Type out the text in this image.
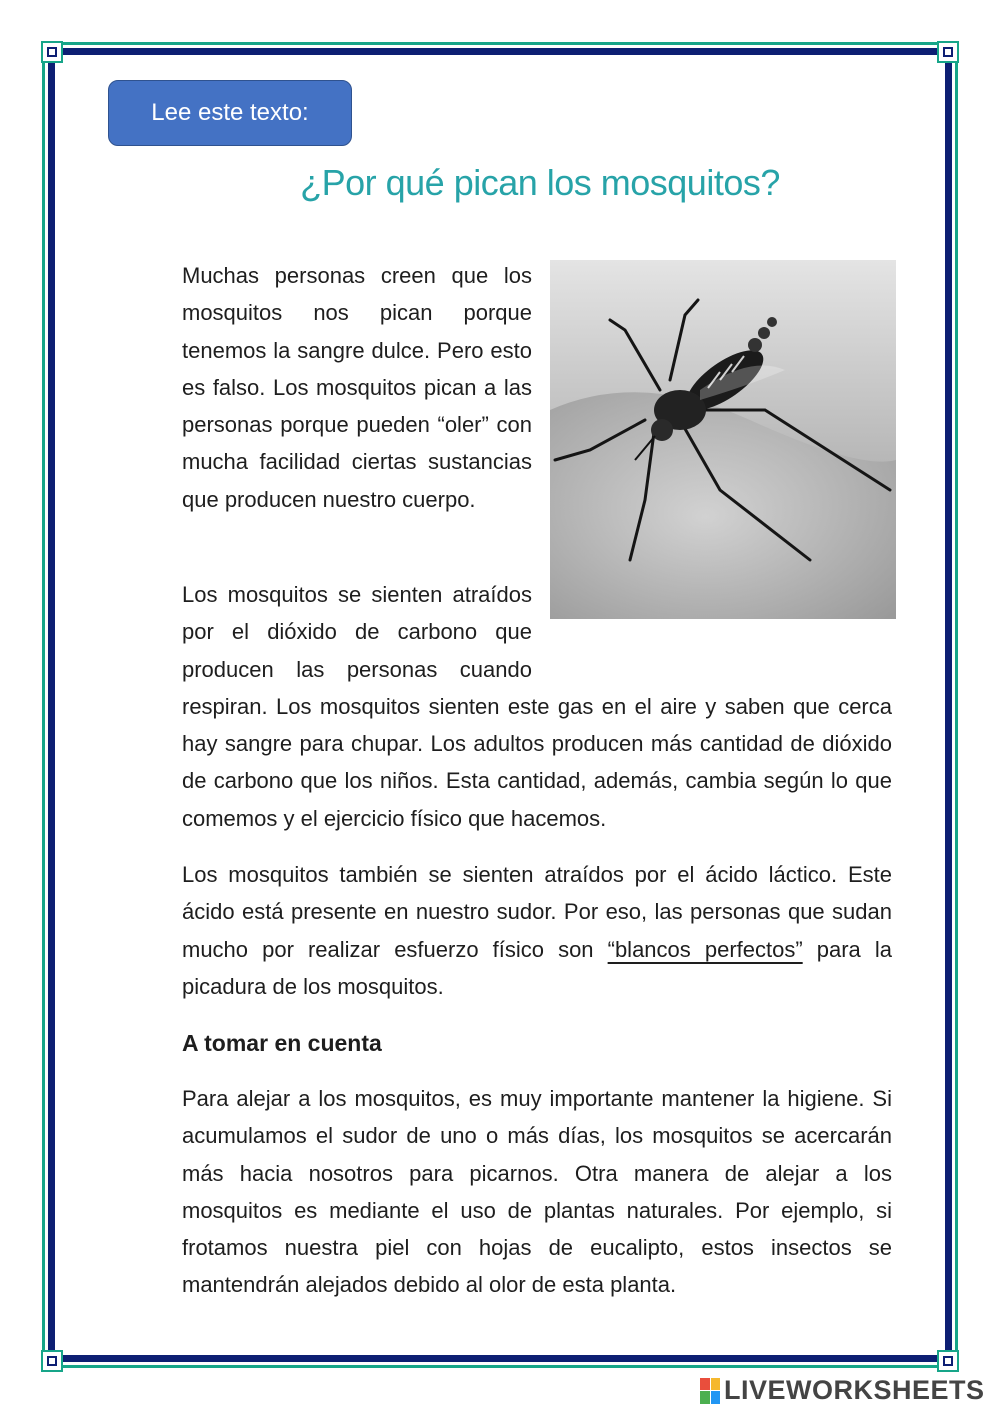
Lee este texto:
¿Por qué pican los mosquitos?

Muchas personas creen que los mosquitos nos pican porque tenemos la sangre dulce. Pero esto es falso. Los mosquitos pican a las personas porque pueden “oler” con mucha facilidad ciertas sustancias que producen nuestro cuerpo.

Los mosquitos se sienten atraídos por el dióxido de carbono que producen las personas cuando respiran. Los mosquitos sienten este gas en el aire y saben que cerca hay sangre para chupar. Los adultos producen más cantidad de dióxido de carbono que los niños. Esta cantidad, además, cambia según lo que comemos y el ejercicio físico que hacemos.

Los mosquitos también se sienten atraídos por el ácido láctico. Este ácido está presente en nuestro sudor. Por eso, las personas que sudan mucho por realizar esfuerzo físico son “blancos perfectos” para la picadura de los mosquitos.

A tomar en cuenta

Para alejar a los mosquitos, es muy importante mantener la higiene. Si acumulamos el sudor de uno o más días, los mosquitos se acercarán más hacia nosotros para picarnos. Otra manera de alejar a los mosquitos es mediante el uso de plantas naturales. Por ejemplo, si frotamos nuestra piel con hojas de eucalipto, estos insectos se mantendrán alejados debido al olor de esta planta.

LIVEWORKSHEETS
